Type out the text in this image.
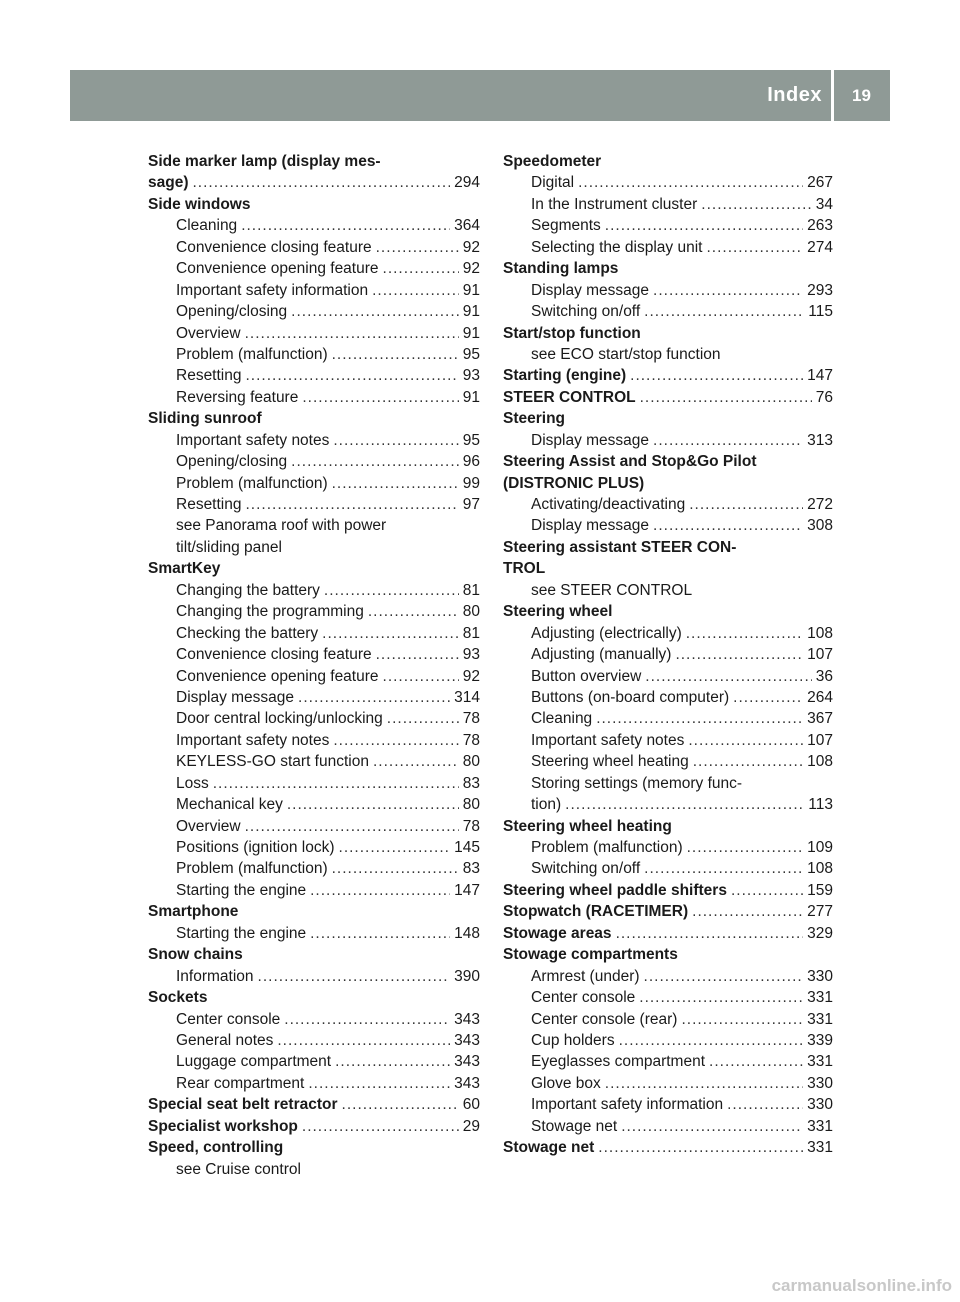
Index 19
Side marker lamp (display mes-
sage) .....	294
Side windows
Cleaning .....	364
Convenience closing feature .....	92
Convenience opening feature .....	92
Important safety information .....	91
Opening/closing .....	91
Overview .....	91
Problem (malfunction) .....	95
Resetting .....	93
Reversing feature .....	91
Sliding sunroof
Important safety notes .....	95
Opening/closing .....	96
Problem (malfunction) .....	99
Resetting .....	97
see Panorama roof with power
tilt/sliding panel
SmartKey
Changing the battery .....	81
Changing the programming .....	80
Checking the battery .....	81
Convenience closing feature .....	93
Convenience opening feature .....	92
Display message .....	314
Door central locking/unlocking .....	78
Important safety notes .....	78
KEYLESS-GO start function .....	80
Loss .....	83
Mechanical key .....	80
Overview .....	78
Positions (ignition lock) .....	145
Problem (malfunction) .....	83
Starting the engine .....	147
Smartphone
Starting the engine .....	148
Snow chains
Information .....	390
Sockets
Center console .....	343
General notes .....	343
Luggage compartment .....	343
Rear compartment .....	343
Special seat belt retractor .....	60
Specialist workshop .....	29
Speed, controlling
see Cruise control
Speedometer
Digital .....	267
In the Instrument cluster .....	34
Segments .....	263
Selecting the display unit .....	274
Standing lamps
Display message .....	293
Switching on/off .....	115
Start/stop function
see ECO start/stop function
Starting (engine) .....	147
STEER CONTROL .....	76
Steering
Display message .....	313
Steering Assist and Stop&Go Pilot
(DISTRONIC PLUS)
Activating/deactivating .....	272
Display message .....	308
Steering assistant STEER CON-
TROL
see STEER CONTROL
Steering wheel
Adjusting (electrically) .....	108
Adjusting (manually) .....	107
Button overview .....	36
Buttons (on-board computer) .....	264
Cleaning .....	367
Important safety notes .....	107
Steering wheel heating .....	108
Storing settings (memory func-
tion) .....	113
Steering wheel heating
Problem (malfunction) .....	109
Switching on/off .....	108
Steering wheel paddle shifters .....	159
Stopwatch (RACETIMER) .....	277
Stowage areas .....	329
Stowage compartments
Armrest (under) .....	330
Center console .....	331
Center console (rear) .....	331
Cup holders .....	339
Eyeglasses compartment .....	331
Glove box .....	330
Important safety information .....	330
Stowage net .....	331
Stowage net .....	331
carmanualsonline.info
